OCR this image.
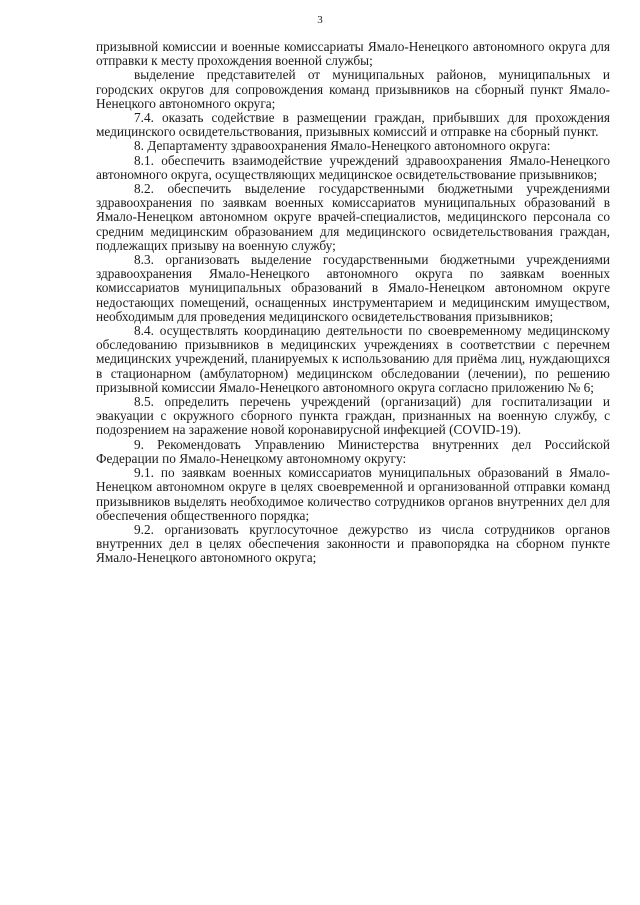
3

призывной комиссии и военные комиссариаты Ямало-Ненецкого автономного округа для отправки к месту прохождения военной службы;

выделение представителей от муниципальных районов, муниципальных и городских округов для сопровождения команд призывников на сборный пункт Ямало-Ненецкого автономного округа;

7.4. оказать содействие в размещении граждан, прибывших для прохождения медицинского освидетельствования, призывных комиссий и отправке на сборный пункт.

8. Департаменту здравоохранения Ямало-Ненецкого автономного округа:

8.1. обеспечить взаимодействие учреждений здравоохранения Ямало-Ненецкого автономного округа, осуществляющих медицинское освидетельствование призывников;

8.2. обеспечить выделение государственными бюджетными учреждениями здравоохранения по заявкам военных комиссариатов муниципальных образований в Ямало-Ненецком автономном округе врачей-специалистов, медицинского персонала со средним медицинским образованием для медицинского освидетельствования граждан, подлежащих призыву на военную службу;

8.3. организовать выделение государственными бюджетными учреждениями здравоохранения Ямало-Ненецкого автономного округа по заявкам военных комиссариатов муниципальных образований в Ямало-Ненецком автономном округе недостающих помещений, оснащенных инструментарием и медицинским имуществом, необходимым для проведения медицинского освидетельствования призывников;

8.4. осуществлять координацию деятельности по своевременному медицинскому обследованию призывников в медицинских учреждениях в соответствии с перечнем медицинских учреждений, планируемых к использованию для приёма лиц, нуждающихся в стационарном (амбулаторном) медицинском обследовании (лечении), по решению призывной комиссии Ямало-Ненецкого автономного округа согласно приложению № 6;

8.5. определить перечень учреждений (организаций) для госпитализации и эвакуации с окружного сборного пункта граждан, признанных на военную службу, с подозрением на заражение новой коронавирусной инфекцией (COVID-19).

9. Рекомендовать Управлению Министерства внутренних дел Российской Федерации по Ямало-Ненецкому автономному округу:

9.1. по заявкам военных комиссариатов муниципальных образований в Ямало-Ненецком автономном округе в целях своевременной и организованной отправки команд призывников выделять необходимое количество сотрудников органов внутренних дел для обеспечения общественного порядка;

9.2. организовать круглосуточное дежурство из числа сотрудников органов внутренних дел в целях обеспечения законности и правопорядка на сборном пункте Ямало-Ненецкого автономного округа;
